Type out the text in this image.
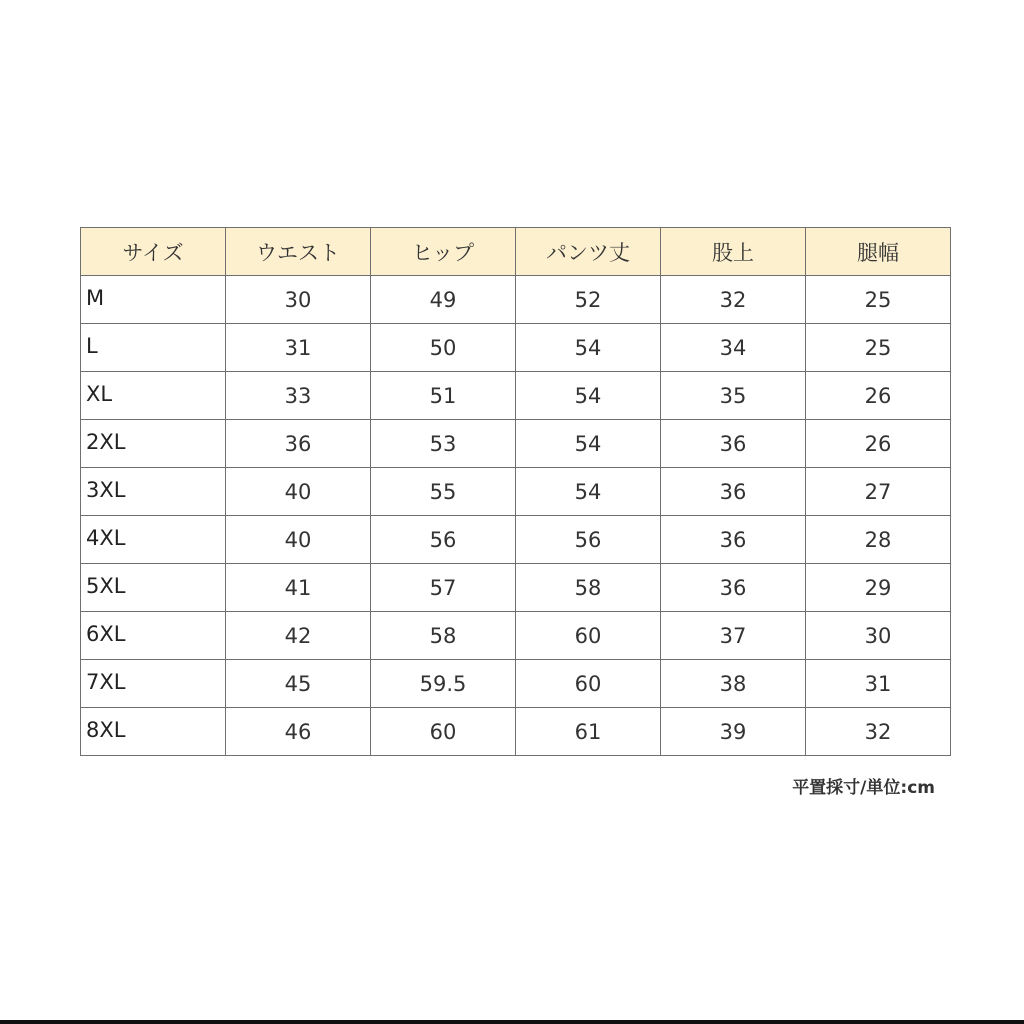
サイズ	ウエスト	ヒップ	パンツ丈	股上	腿幅
M	30	49	52	32	25
L	31	50	54	34	25
XL	33	51	54	35	26
2XL	36	53	54	36	26
3XL	40	55	54	36	27
4XL	40	56	56	36	28
5XL	41	57	58	36	29
6XL	42	58	60	37	30
7XL	45	59.5	60	38	31
8XL	46	60	61	39	32
平置採寸/単位:cm
